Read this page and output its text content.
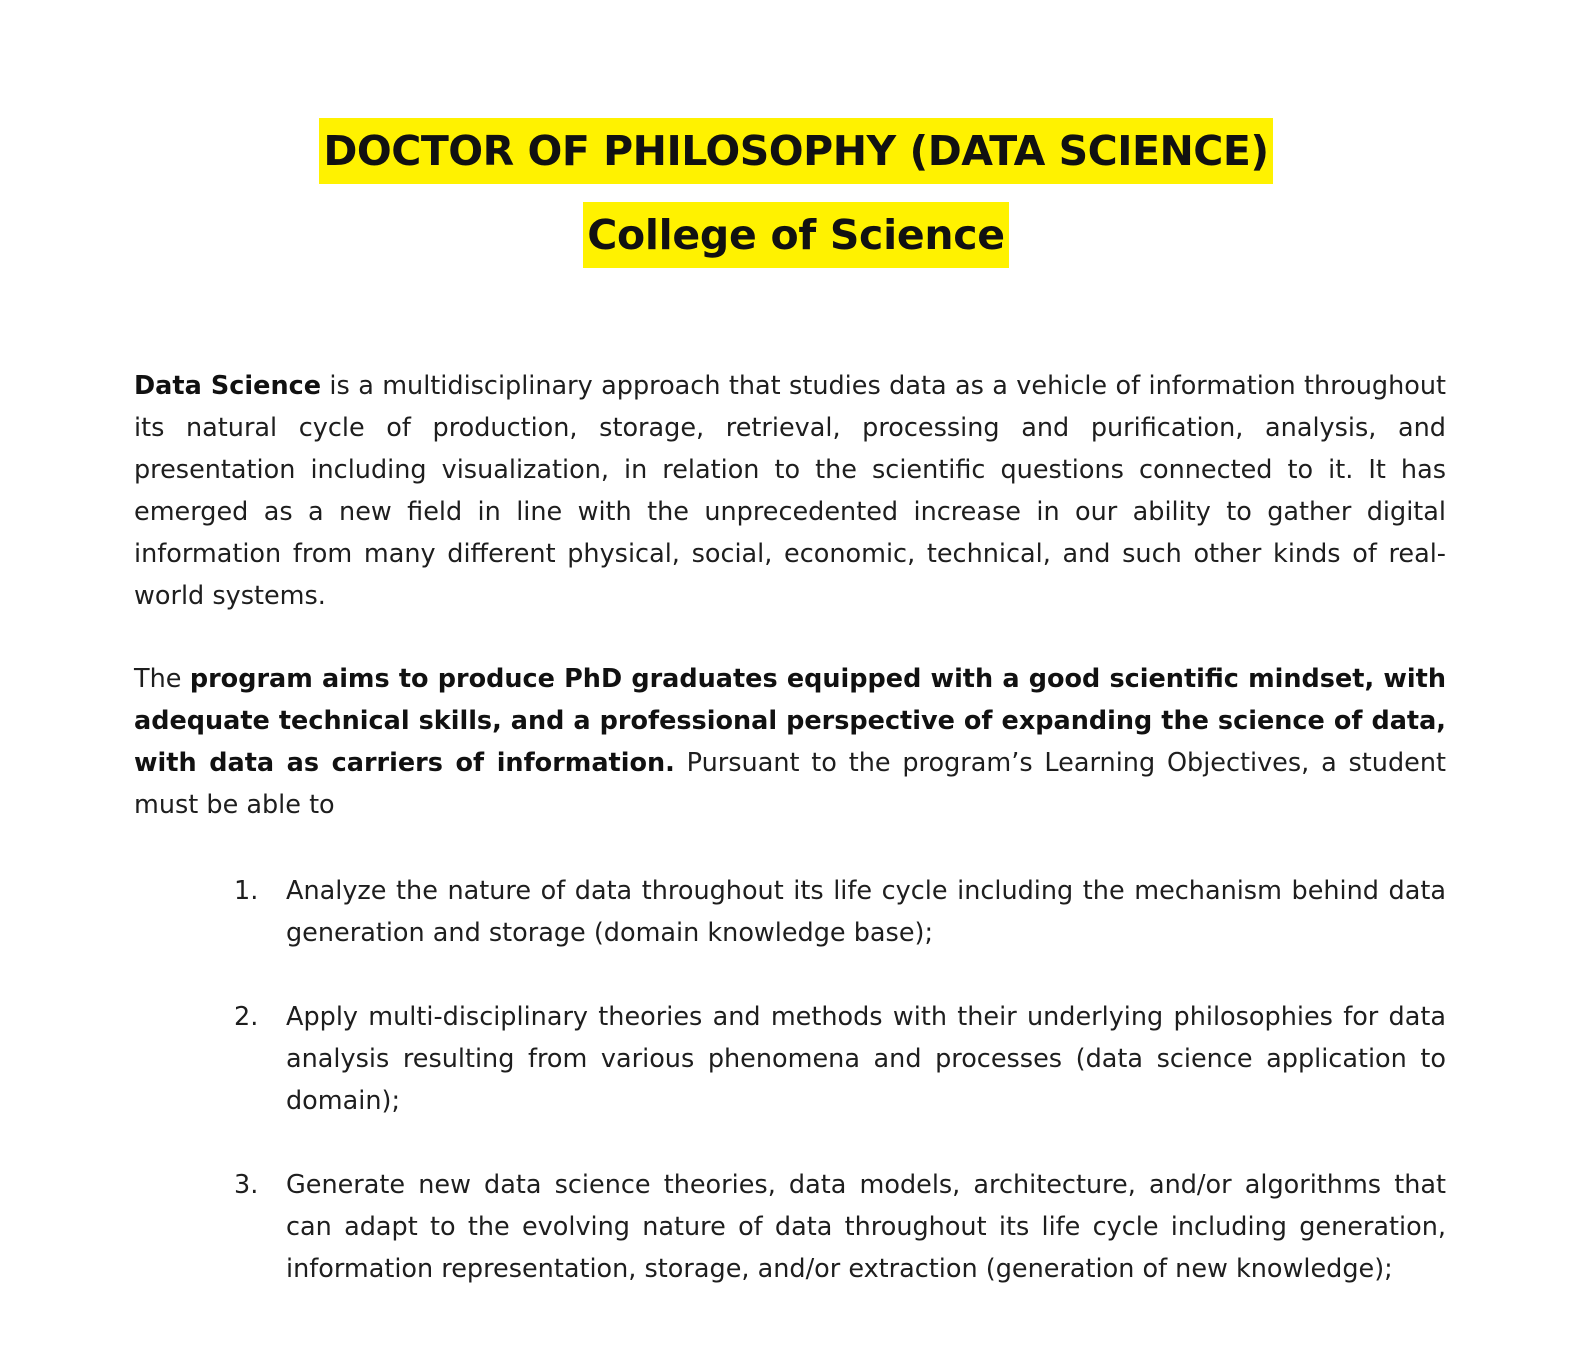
DOCTOR OF PHILOSOPHY (DATA SCIENCE)
College of Science

Data Science is a multidisciplinary approach that studies data as a vehicle of information throughout its natural cycle of production, storage, retrieval, processing and purification, analysis, and presentation including visualization, in relation to the scientific questions connected to it. It has emerged as a new field in line with the unprecedented increase in our ability to gather digital information from many different physical, social, economic, technical, and such other kinds of real-world systems.

The program aims to produce PhD graduates equipped with a good scientific mindset, with adequate technical skills, and a professional perspective of expanding the science of data, with data as carriers of information. Pursuant to the program’s Learning Objectives, a student must be able to

1.	Analyze the nature of data throughout its life cycle including the mechanism behind data generation and storage (domain knowledge base);
2.	Apply multi-disciplinary theories and methods with their underlying philosophies for data analysis resulting from various phenomena and processes (data science application to domain);
3.	Generate new data science theories, data models, architecture, and/or algorithms that can adapt to the evolving nature of data throughout its life cycle including generation, information representation, storage, and/or extraction (generation of new knowledge);
